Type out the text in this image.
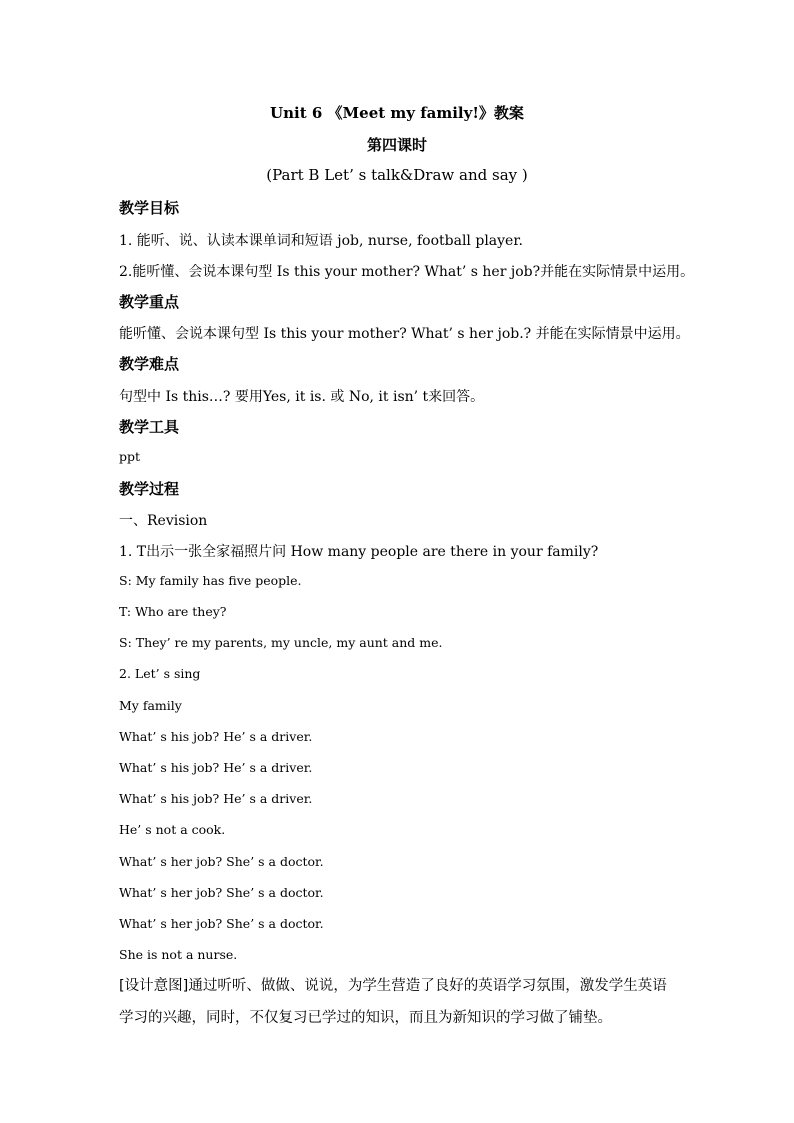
Unit 6 《Meet my family!》教案
第四课时
(Part B Let’ s talk&Draw and say )
教学目标
1. 能听、说、认读本课单词和短语 job, nurse, football player.
2.能听懂、会说本课句型 Is this your mother? What’ s her job?并能在实际情景中运用。
教学重点
能听懂、会说本课句型 Is this your mother? What’ s her job.? 并能在实际情景中运用。
教学难点
句型中 Is this…? 要用Yes, it is. 或 No, it isn’ t来回答。
教学工具
ppt
教学过程
一、Revision
1. T出示一张全家福照片问 How many people are there in your family?
S: My family has five people.
T: Who are they?
S: They’ re my parents, my uncle, my aunt and me.
2. Let’ s sing
My family
What’ s his job? He’ s a driver.
What’ s his job? He’ s a driver.
What’ s his job? He’ s a driver.
He’ s not a cook.
What’ s her job? She’ s a doctor.
What’ s her job? She’ s a doctor.
What’ s her job? She’ s a doctor.
She is not a nurse.
[设计意图]通过听听、做做、说说，为学生营造了良好的英语学习氛围，激发学生英语学习的兴趣，同时，不仅复习已学过的知识，而且为新知识的学习做了铺垫。
